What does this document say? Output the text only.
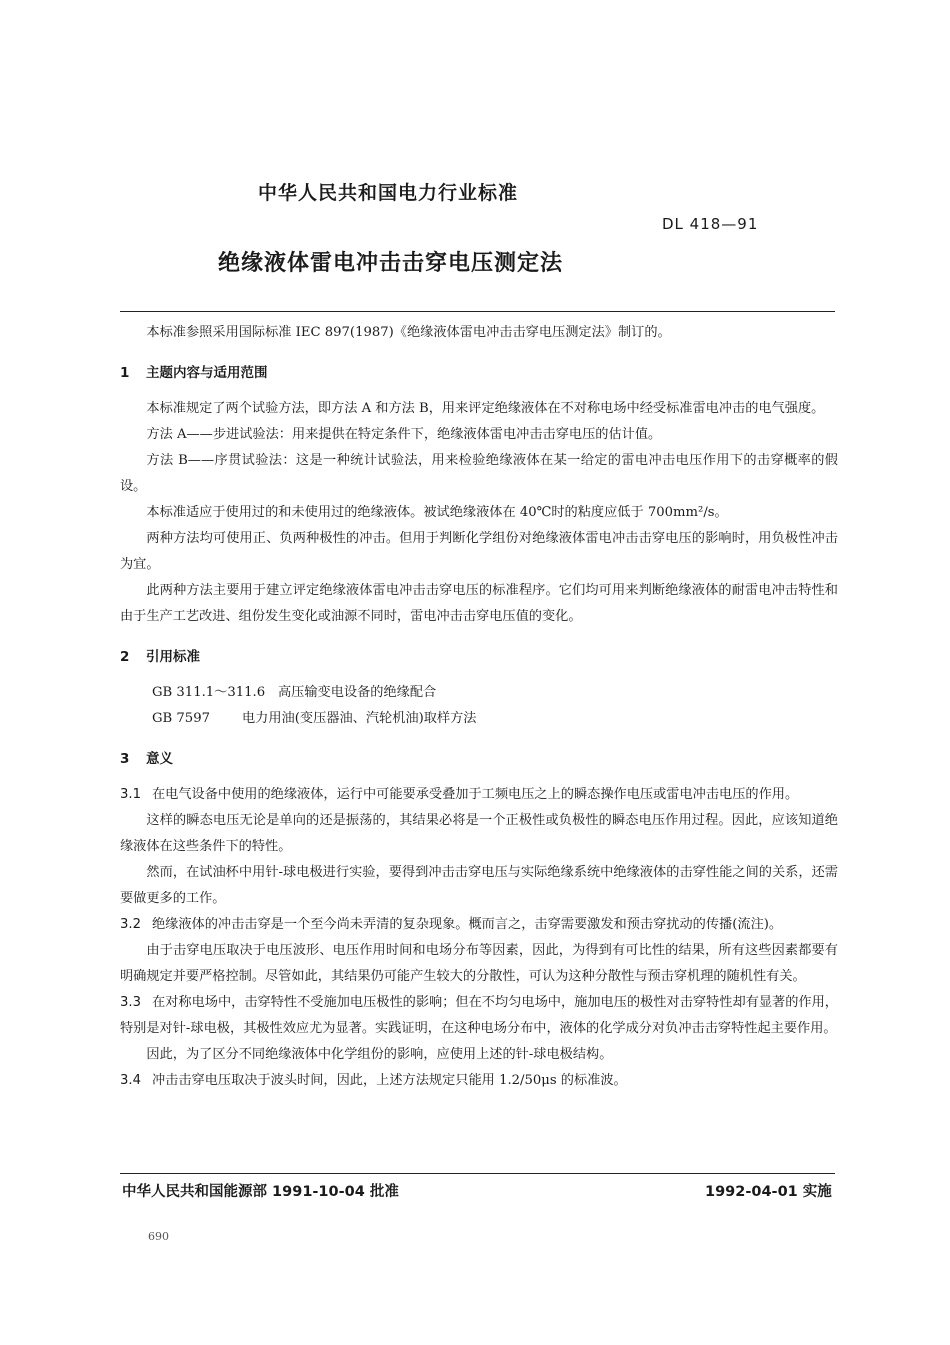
中华人民共和国电力行业标准
DL 418—91
绝缘液体雷电冲击击穿电压测定法

本标准参照采用国际标准 IEC 897(1987)《绝缘液体雷电冲击击穿电压测定法》制订的。

1 主题内容与适用范围

本标准规定了两个试验方法，即方法 A 和方法 B，用来评定绝缘液体在不对称电场中经受标准雷电冲击的电气强度。

方法 A——步进试验法：用来提供在特定条件下，绝缘液体雷电冲击击穿电压的估计值。

方法 B——序贯试验法：这是一种统计试验法，用来检验绝缘液体在某一给定的雷电冲击电压作用下的击穿概率的假设。

本标准适应于使用过的和未使用过的绝缘液体。被试绝缘液体在 40℃时的粘度应低于 700mm²/s。

两种方法均可使用正、负两种极性的冲击。但用于判断化学组份对绝缘液体雷电冲击击穿电压的影响时，用负极性冲击为宜。

此两种方法主要用于建立评定绝缘液体雷电冲击击穿电压的标准程序。它们均可用来判断绝缘液体的耐雷电冲击特性和由于生产工艺改进、组份发生变化或油源不同时，雷电冲击击穿电压值的变化。

2 引用标准

GB 311.1～311.6 高压输变电设备的绝缘配合

GB 7597 电力用油(变压器油、汽轮机油)取样方法

3 意义

3.1 在电气设备中使用的绝缘液体，运行中可能要承受叠加于工频电压之上的瞬态操作电压或雷电冲击电压的作用。

这样的瞬态电压无论是单向的还是振荡的，其结果必将是一个正极性或负极性的瞬态电压作用过程。因此，应该知道绝缘液体在这些条件下的特性。

然而，在试油杯中用针-球电极进行实验，要得到冲击击穿电压与实际绝缘系统中绝缘液体的击穿性能之间的关系，还需要做更多的工作。

3.2 绝缘液体的冲击击穿是一个至今尚未弄清的复杂现象。概而言之，击穿需要激发和预击穿扰动的传播(流注)。

由于击穿电压取决于电压波形、电压作用时间和电场分布等因素，因此，为得到有可比性的结果，所有这些因素都要有明确规定并要严格控制。尽管如此，其结果仍可能产生较大的分散性，可认为这种分散性与预击穿机理的随机性有关。

3.3 在对称电场中，击穿特性不受施加电压极性的影响；但在不均匀电场中，施加电压的极性对击穿特性却有显著的作用，特别是对针-球电极，其极性效应尤为显著。实践证明，在这种电场分布中，液体的化学成分对负冲击击穿特性起主要作用。

因此，为了区分不同绝缘液体中化学组份的影响，应使用上述的针-球电极结构。

3.4 冲击击穿电压取决于波头时间，因此，上述方法规定只能用 1.2/50μs 的标准波。

中华人民共和国能源部 1991-10-04 批准	1992-04-01 实施
690
